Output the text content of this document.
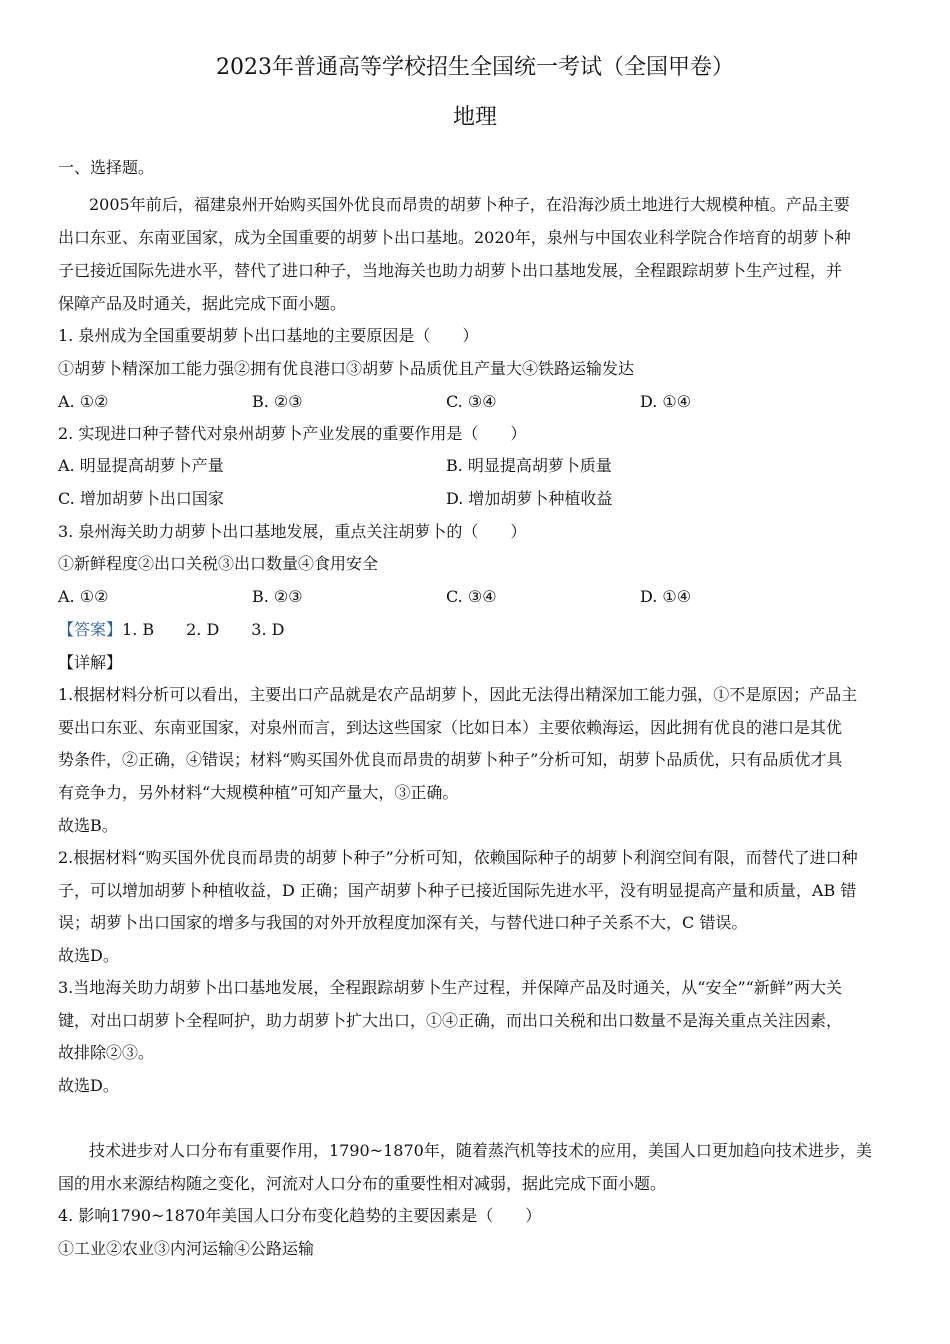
2023年普通高等学校招生全国统一考试（全国甲卷）
地理
一、选择题。
2005年前后，福建泉州开始购买国外优良而昂贵的胡萝卜种子，在沿海沙质土地进行大规模种植。产品主要
出口东亚、东南亚国家，成为全国重要的胡萝卜出口基地。2020年，泉州与中国农业科学院合作培育的胡萝卜种
子已接近国际先进水平，替代了进口种子，当地海关也助力胡萝卜出口基地发展，全程跟踪胡萝卜生产过程，并
保障产品及时通关，据此完成下面小题。
1. 泉州成为全国重要胡萝卜出口基地的主要原因是（　　）
①胡萝卜精深加工能力强②拥有优良港口③胡萝卜品质优且产量大④铁路运输发达
A. ①②	B. ②③	C. ③④	D. ①④
2. 实现进口种子替代对泉州胡萝卜产业发展的重要作用是（　　）
A. 明显提高胡萝卜产量	B. 明显提高胡萝卜质量
C. 增加胡萝卜出口国家	D. 增加胡萝卜种植收益
3. 泉州海关助力胡萝卜出口基地发展，重点关注胡萝卜的（　　）
①新鲜程度②出口关税③出口数量④食用安全
A. ①②	B. ②③	C. ③④	D. ①④
【答案】1. B　　2. D　　3. D
【详解】
1.根据材料分析可以看出，主要出口产品就是农产品胡萝卜，因此无法得出精深加工能力强，①不是原因；产品主
要出口东亚、东南亚国家，对泉州而言，到达这些国家（比如日本）主要依赖海运，因此拥有优良的港口是其优
势条件，②正确，④错误；材料“购买国外优良而昂贵的胡萝卜种子”分析可知，胡萝卜品质优，只有品质优才具
有竞争力，另外材料“大规模种植”可知产量大，③正确。
故选B。
2.根据材料“购买国外优良而昂贵的胡萝卜种子”分析可知，依赖国际种子的胡萝卜利润空间有限，而替代了进口种
子，可以增加胡萝卜种植收益，D 正确；国产胡萝卜种子已接近国际先进水平，没有明显提高产量和质量，AB 错
误；胡萝卜出口国家的增多与我国的对外开放程度加深有关，与替代进口种子关系不大，C 错误。
故选D。
3.当地海关助力胡萝卜出口基地发展，全程跟踪胡萝卜生产过程，并保障产品及时通关，从“安全”“新鲜”两大关
键，对出口胡萝卜全程呵护，助力胡萝卜扩大出口，①④正确，而出口关税和出口数量不是海关重点关注因素，
故排除②③。
故选D。
技术进步对人口分布有重要作用，1790~1870年，随着蒸汽机等技术的应用，美国人口更加趋向技术进步，美
国的用水来源结构随之变化，河流对人口分布的重要性相对减弱，据此完成下面小题。
4. 影响1790~1870年美国人口分布变化趋势的主要因素是（　　）
①工业②农业③内河运输④公路运输
